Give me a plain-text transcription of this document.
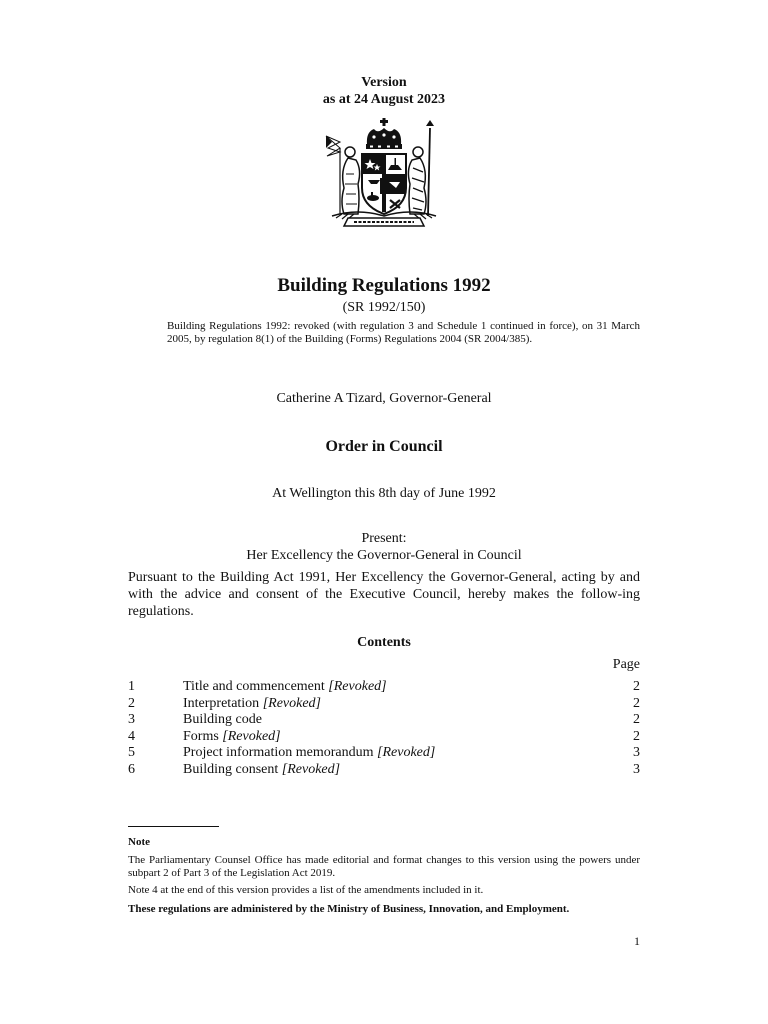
Version
as at 24 August 2023
Building Regulations 1992
(SR 1992/150)
Building Regulations 1992: revoked (with regulation 3 and Schedule 1 continued in force), on 31 March 2005, by regulation 8(1) of the Building (Forms) Regulations 2004 (SR 2004/385).
Catherine A Tizard, Governor-General
Order in Council
At Wellington this 8th day of June 1992
Present:
Her Excellency the Governor-General in Council
Pursuant to the Building Act 1991, Her Excellency the Governor-General, acting by and with the advice and consent of the Executive Council, hereby makes the follow-ing regulations.
Contents
Page
1	Title and commencement [Revoked]	2
2	Interpretation [Revoked]	2
3	Building code	2
4	Forms [Revoked]	2
5	Project information memorandum [Revoked]	3
6	Building consent [Revoked]	3
Note
The Parliamentary Counsel Office has made editorial and format changes to this version using the powers under subpart 2 of Part 3 of the Legislation Act 2019.
Note 4 at the end of this version provides a list of the amendments included in it.
These regulations are administered by the Ministry of Business, Innovation, and Employment.
1
